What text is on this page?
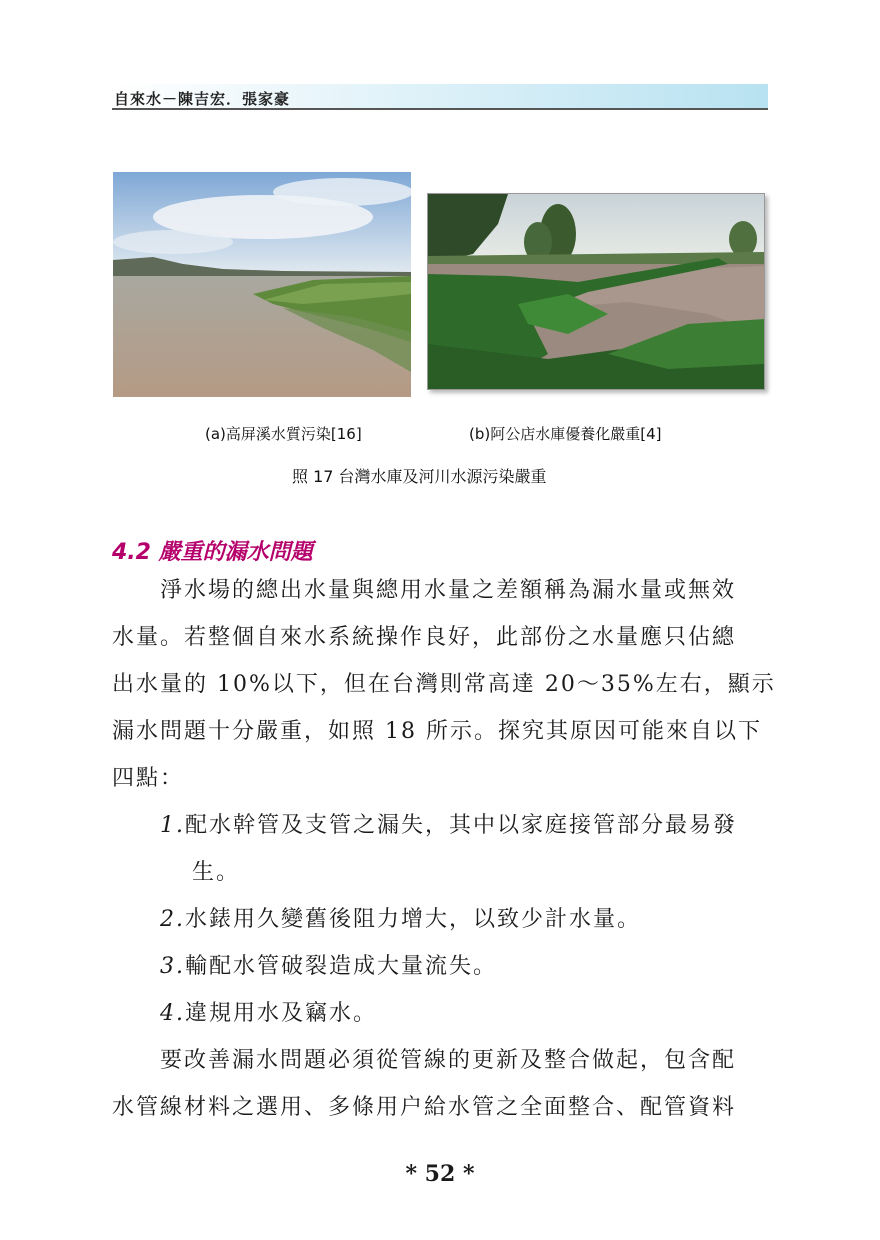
自來水－陳吉宏．張家豪
(a)高屏溪水質污染[16]	(b)阿公店水庫優養化嚴重[4]
照 17 台灣水庫及河川水源污染嚴重
4.2 嚴重的漏水問題
淨水場的總出水量與總用水量之差額稱為漏水量或無效
水量。若整個自來水系統操作良好，此部份之水量應只佔總
出水量的 10%以下，但在台灣則常高達 20～35%左右，顯示
漏水問題十分嚴重，如照 18 所示。探究其原因可能來自以下
四點：
1.配水幹管及支管之漏失，其中以家庭接管部分最易發
生。
2.水錶用久變舊後阻力增大，以致少計水量。
3.輸配水管破裂造成大量流失。
4.違規用水及竊水。
要改善漏水問題必須從管線的更新及整合做起，包含配
水管線材料之選用、多條用户給水管之全面整合、配管資料
* 52 *
